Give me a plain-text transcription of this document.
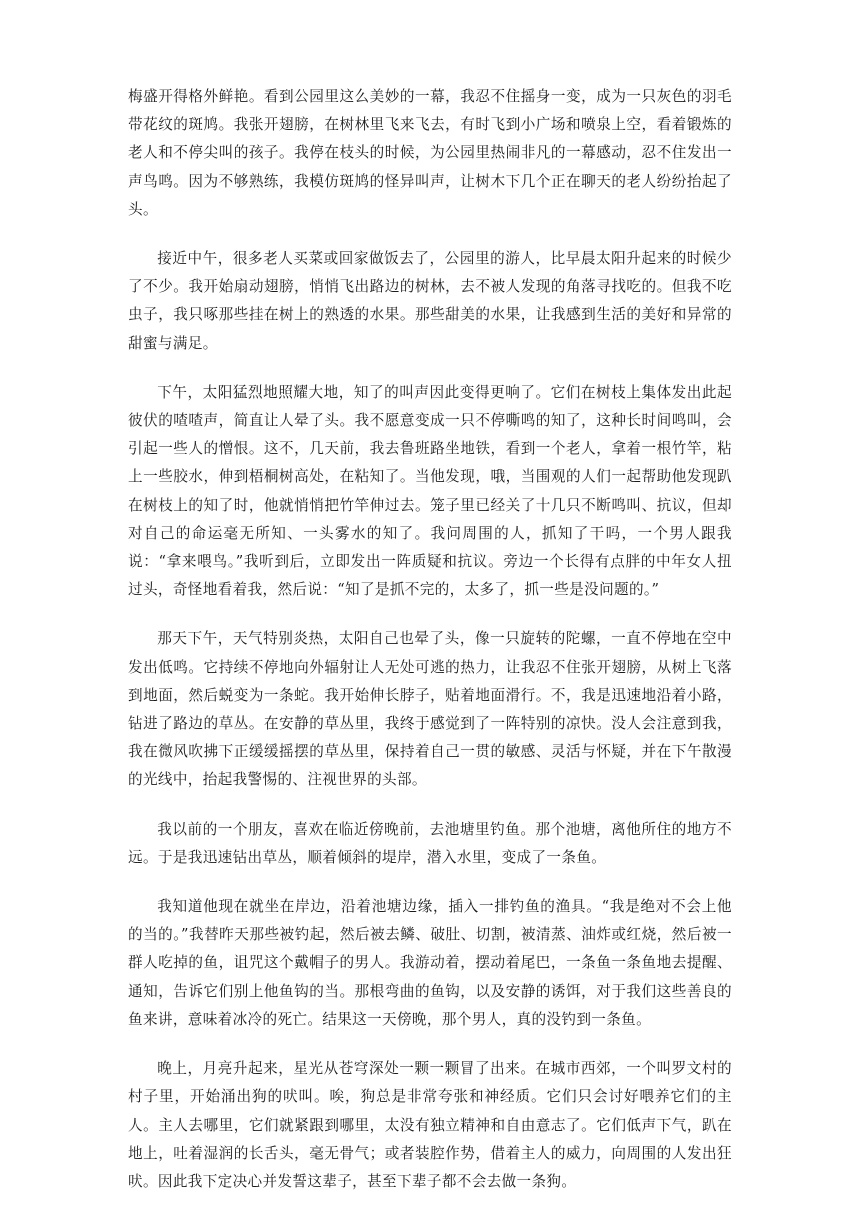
梅盛开得格外鲜艳。看到公园里这么美妙的一幕，我忍不住摇身一变，成为一只灰色的羽毛带花纹的斑鸠。我张开翅膀，在树林里飞来飞去，有时飞到小广场和喷泉上空，看着锻炼的老人和不停尖叫的孩子。我停在枝头的时候，为公园里热闹非凡的一幕感动，忍不住发出一声鸟鸣。因为不够熟练，我模仿斑鸠的怪异叫声，让树木下几个正在聊天的老人纷纷抬起了头。

接近中午，很多老人买菜或回家做饭去了，公园里的游人，比早晨太阳升起来的时候少了不少。我开始扇动翅膀，悄悄飞出路边的树林，去不被人发现的角落寻找吃的。但我不吃虫子，我只啄那些挂在树上的熟透的水果。那些甜美的水果，让我感到生活的美好和异常的甜蜜与满足。

下午，太阳猛烈地照耀大地，知了的叫声因此变得更响了。它们在树枝上集体发出此起彼伏的喳喳声，简直让人晕了头。我不愿意变成一只不停嘶鸣的知了，这种长时间鸣叫，会引起一些人的憎恨。这不，几天前，我去鲁班路坐地铁，看到一个老人，拿着一根竹竿，粘上一些胶水，伸到梧桐树高处，在粘知了。当他发现，哦，当围观的人们一起帮助他发现趴在树枝上的知了时，他就悄悄把竹竿伸过去。笼子里已经关了十几只不断鸣叫、抗议，但却对自己的命运毫无所知、一头雾水的知了。我问周围的人，抓知了干吗，一个男人跟我说：“拿来喂鸟。”我听到后，立即发出一阵质疑和抗议。旁边一个长得有点胖的中年女人扭过头，奇怪地看着我，然后说：“知了是抓不完的，太多了，抓一些是没问题的。”

那天下午，天气特别炎热，太阳自己也晕了头，像一只旋转的陀螺，一直不停地在空中发出低鸣。它持续不停地向外辐射让人无处可逃的热力，让我忍不住张开翅膀，从树上飞落到地面，然后蜕变为一条蛇。我开始伸长脖子，贴着地面滑行。不，我是迅速地沿着小路，钻进了路边的草丛。在安静的草丛里，我终于感觉到了一阵特别的凉快。没人会注意到我，我在微风吹拂下正缓缓摇摆的草丛里，保持着自己一贯的敏感、灵活与怀疑，并在下午散漫的光线中，抬起我警惕的、注视世界的头部。

我以前的一个朋友，喜欢在临近傍晚前，去池塘里钓鱼。那个池塘，离他所住的地方不远。于是我迅速钻出草丛，顺着倾斜的堤岸，潜入水里，变成了一条鱼。

我知道他现在就坐在岸边，沿着池塘边缘，插入一排钓鱼的渔具。“我是绝对不会上他的当的。”我替昨天那些被钓起，然后被去鳞、破肚、切割，被清蒸、油炸或红烧，然后被一群人吃掉的鱼，诅咒这个戴帽子的男人。我游动着，摆动着尾巴，一条鱼一条鱼地去提醒、通知，告诉它们别上他鱼钩的当。那根弯曲的鱼钩，以及安静的诱饵，对于我们这些善良的鱼来讲，意味着冰冷的死亡。结果这一天傍晚，那个男人，真的没钓到一条鱼。

晚上，月亮升起来，星光从苍穹深处一颗一颗冒了出来。在城市西郊，一个叫罗文村的村子里，开始涌出狗的吠叫。唉，狗总是非常夸张和神经质。它们只会讨好喂养它们的主人。主人去哪里，它们就紧跟到哪里，太没有独立精神和自由意志了。它们低声下气，趴在地上，吐着湿润的长舌头，毫无骨气；或者装腔作势，借着主人的威力，向周围的人发出狂吠。因此我下定决心并发誓这辈子，甚至下辈子都不会去做一条狗。
